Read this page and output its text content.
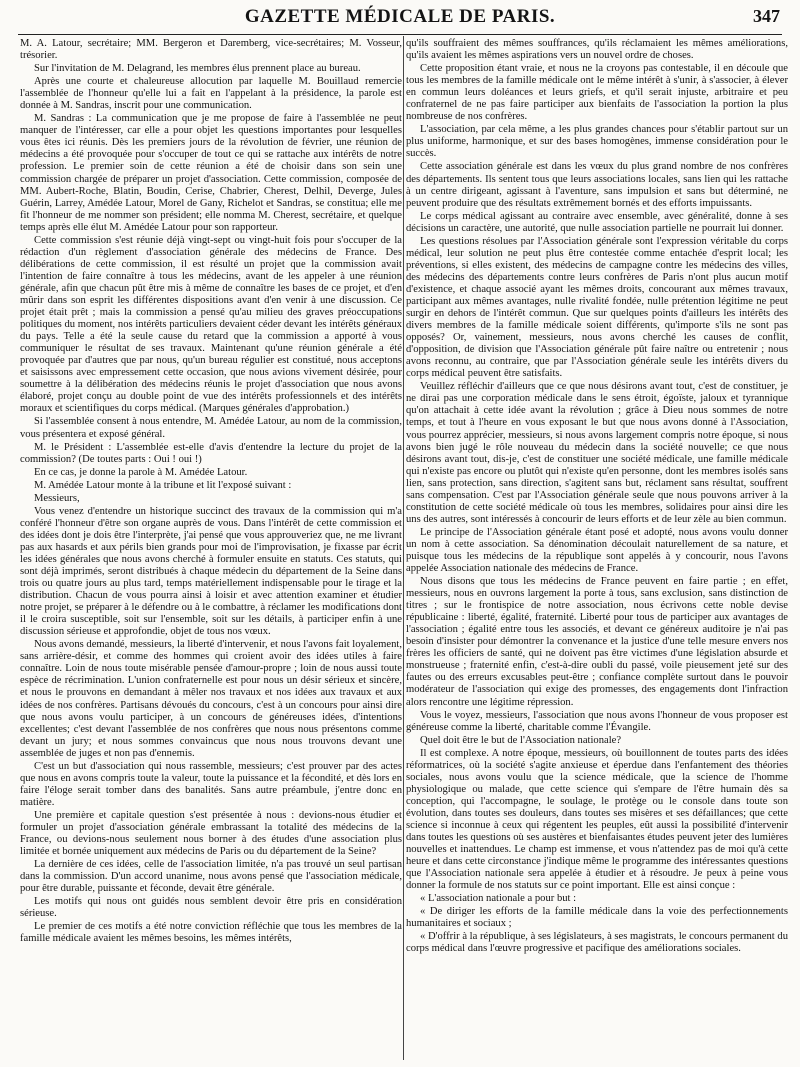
GAZETTE MÉDICALE DE PARIS.	347

M. A. Latour, secrétaire; MM. Bergeron et Daremberg, vice-secrétaires; M. Vosseur, trésorier.

Sur l'invitation de M. Delagrand, les membres élus prennent place au bureau.

Après une courte et chaleureuse allocution par laquelle M. Bouillaud remercie l'assemblée de l'honneur qu'elle lui a fait en l'appelant à la présidence, la parole est donnée à M. Sandras, inscrit pour une communication.

M. Sandras : La communication que je me propose de faire à l'assemblée ne peut manquer de l'intéresser, car elle a pour objet les questions importantes pour lesquelles vous êtes ici réunis. Dès les premiers jours de la révolution de février, une réunion de médecins a été provoquée pour s'occuper de tout ce qui se rattache aux intérêts de notre profession. Le premier soin de cette réunion a été de choisir dans son sein une commission chargée de préparer un projet d'association. Cette commission, composée de MM. Aubert-Roche, Blatin, Boudin, Cerise, Chabrier, Cherest, Delhil, Deverge, Jules Guérin, Larrey, Amédée Latour, Morel de Gany, Richelot et Sandras, se constitua; elle me fit l'honneur de me nommer son président; elle nomma M. Cherest, secrétaire, et quelque temps après elle élut M. Amédée Latour pour son rapporteur.

Cette commission s'est réunie déjà vingt-sept ou vingt-huit fois pour s'occuper de la rédaction d'un règlement d'association générale des médecins de France. Des délibérations de cette commission, il est résulté un projet que la commission avait l'intention de faire connaître à tous les médecins, avant de les appeler à une réunion générale, afin que chacun pût être mis à même de connaître les bases de ce projet, et d'en mûrir dans son esprit les différentes dispositions avant d'en venir à une discussion. Ce projet était prêt ; mais la commission a pensé qu'au milieu des graves préoccupations politiques du moment, nos intérêts particuliers devaient céder devant les intérêts généraux du pays. Telle a été la seule cause du retard que la commission a apporté à vous communiquer le résultat de ses travaux. Maintenant qu'une réunion générale a été provoquée par d'autres que par nous, qu'un bureau régulier est constitué, nous acceptons et saisissons avec empressement cette occasion, que nous avions vivement désirée, pour soumettre à la délibération des médecins réunis le projet d'association que nous avons élaboré, projet conçu au double point de vue des intérêts professionnels et des intérêts moraux et scientifiques du corps médical. (Marques générales d'approbation.)

Si l'assemblée consent à nous entendre, M. Amédée Latour, au nom de la commission, vous présentera et exposé général.

M. le Président : L'assemblée est-elle d'avis d'entendre la lecture du projet de la commission? (De toutes parts : Oui ! oui !)

En ce cas, je donne la parole à M. Amédée Latour.

M. Amédée Latour monte à la tribune et lit l'exposé suivant :

Messieurs,

Vous venez d'entendre un historique succinct des travaux de la commission qui m'a conféré l'honneur d'être son organe auprès de vous. Dans l'intérêt de cette commission et des idées dont je dois être l'interprète, j'ai pensé que vous approuveriez que, ne me livrant pas aux hasards et aux périls bien grands pour moi de l'improvisation, je fixasse par écrit les idées générales que nous avons cherché à formuler ensuite en statuts. Ces statuts, qui sont déjà imprimés, seront distribués à chaque médecin du département de la Seine dans trois ou quatre jours au plus tard, temps matériellement indispensable pour le tirage et la distribution. Chacun de vous pourra ainsi à loisir et avec attention examiner et étudier notre projet, se préparer à le défendre ou à le combattre, à réclamer les modifications dont il le croira susceptible, soit sur l'ensemble, soit sur les détails, à participer enfin à une discussion sérieuse et approfondie, objet de tous nos vœux.

Nous avons demandé, messieurs, la liberté d'intervenir, et nous l'avons fait loyalement, sans arrière-désir, et comme des hommes qui croient avoir des idées utiles à faire connaître. Loin de nous toute misérable pensée d'amour-propre ; loin de nous aussi toute espèce de récrimination. L'union confraternelle est pour nous un désir sérieux et sincère, et nous le prouvons en demandant à mêler nos travaux et nos idées aux travaux et aux idées de nos confrères. Partisans dévoués du concours, c'est à un concours pour ainsi dire que nous avons voulu participer, à un concours de généreuses idées, d'intentions excellentes; c'est devant l'assemblée de nos confrères que nous nous présentons comme devant un jury; et nous sommes convaincus que nous nous trouvons devant une assemblée de juges et non pas d'ennemis.

C'est un but d'association qui nous rassemble, messieurs; c'est prouver par des actes que nous en avons compris toute la valeur, toute la puissance et la fécondité, et dès lors en faire l'éloge serait tomber dans des banalités. Sans autre préambule, j'entre donc en matière.

Une première et capitale question s'est présentée à nous : devions-nous étudier et formuler un projet d'association générale embrassant la totalité des médecins de la France, ou devions-nous seulement nous borner à des études d'une association plus limitée et bornée uniquement aux médecins de Paris ou du département de la Seine?

La dernière de ces idées, celle de l'association limitée, n'a pas trouvé un seul partisan dans la commission. D'un accord unanime, nous avons pensé que l'association médicale, pour être durable, puissante et féconde, devait être générale.

Les motifs qui nous ont guidés nous semblent devoir être pris en considération sérieuse.

Le premier de ces motifs a été notre conviction réfléchie que tous les membres de la famille médicale avaient les mêmes besoins, les mêmes intérêts,

qu'ils souffraient des mêmes souffrances, qu'ils réclamaient les mêmes améliorations, qu'ils avaient les mêmes aspirations vers un nouvel ordre de choses.

Cette proposition étant vraie, et nous ne la croyons pas contestable, il en découle que tous les membres de la famille médicale ont le même intérêt à s'unir, à s'associer, à élever en commun leurs doléances et leurs griefs, et qu'il serait injuste, arbitraire et peu confraternel de ne pas faire participer aux bienfaits de l'association la portion la plus nombreuse de nos confrères.

L'association, par cela même, a les plus grandes chances pour s'établir partout sur un plus uniforme, harmonique, et sur des bases homogènes, immense considération pour le succès.

Cette association générale est dans les vœux du plus grand nombre de nos confrères des départements. Ils sentent tous que leurs associations locales, sans lien qui les rattache à un centre dirigeant, agissant à l'aventure, sans impulsion et sans but déterminé, ne peuvent produire que des résultats extrêmement bornés et des efforts impuissants.

Le corps médical agissant au contraire avec ensemble, avec généralité, donne à ses décisions un caractère, une autorité, que nulle association partielle ne pourrait lui donner.

Les questions résolues par l'Association générale sont l'expression véritable du corps médical, leur solution ne peut plus être contestée comme entachée d'esprit local; les préventions, si elles existent, des médecins de campagne contre les médecins des villes, des médecins des départements contre leurs confrères de Paris n'ont plus aucun motif d'existence, et chaque associé ayant les mêmes droits, concourant aux mêmes travaux, participant aux mêmes avantages, nulle rivalité fondée, nulle prétention légitime ne peut surgir en dehors de l'intérêt commun. Que sur quelques points d'ailleurs les intérêts des divers membres de la famille médicale soient différents, qu'importe s'ils ne sont pas opposés? Or, vainement, messieurs, nous avons cherché les causes de conflit, d'opposition, de division que l'Association générale pût faire naître ou entretenir ; nous avons reconnu, au contraire, que par l'Association générale seule les intérêts divers du corps médical peuvent être satisfaits.

Veuillez réfléchir d'ailleurs que ce que nous désirons avant tout, c'est de constituer, je ne dirai pas une corporation médicale dans le sens étroit, égoïste, jaloux et tyrannique qu'on attachait à cette idée avant la révolution ; grâce à Dieu nous sommes de notre temps, et tout à l'heure en vous exposant le but que nous avons donné à l'Association, vous pourrez apprécier, messieurs, si nous avons largement compris notre époque, si nous avons bien jugé le rôle nouveau du médecin dans la société nouvelle; ce que nous désirons avant tout, dis-je, c'est de constituer une société médicale, une famille médicale qui n'existe pas encore ou plutôt qui n'existe qu'en personne, dont les membres isolés sans lien, sans protection, sans direction, s'agitent sans but, réclament sans résultat, souffrent sans compensation. C'est par l'Association générale seule que nous pouvons arriver à la constitution de cette société médicale où tous les membres, solidaires pour ainsi dire les uns des autres, sont intéressés à concourir de leurs efforts et de leur zèle au bien commun.

Le principe de l'Association générale étant posé et adopté, nous avons voulu donner un nom à cette association. Sa dénomination découlait naturellement de sa nature, et puisque tous les médecins de la république sont appelés à y concourir, nous l'avons appelée Association nationale des médecins de France.

Nous disons que tous les médecins de France peuvent en faire partie ; en effet, messieurs, nous en ouvrons largement la porte à tous, sans exclusion, sans distinction de titres ; sur le frontispice de notre association, nous écrivons cette noble devise républicaine : liberté, égalité, fraternité. Liberté pour tous de participer aux avantages de l'association ; égalité entre tous les associés, et devant ce généreux auditoire je n'ai pas besoin d'insister pour démontrer la convenance et la justice d'une telle mesure envers nos frères les officiers de santé, qui ne doivent pas être victimes d'une législation absurde et monstrueuse ; fraternité enfin, c'est-à-dire oubli du passé, voile pieusement jeté sur des fautes ou des erreurs excusables peut-être ; confiance complète surtout dans le pouvoir modérateur de l'association qui exige des promesses, des engagements dont l'infraction alors rencontre une légitime répression.

Vous le voyez, messieurs, l'association que nous avons l'honneur de vous proposer est généreuse comme la liberté, charitable comme l'Évangile.

Quel doit être le but de l'Association nationale?

Il est complexe. A notre époque, messieurs, où bouillonnent de toutes parts des idées réformatrices, où la société s'agite anxieuse et éperdue dans l'enfantement des théories sociales, nous avons voulu que la science médicale, que la science de l'homme physiologique ou malade, que cette science qui s'empare de l'être humain dès sa conception, qui l'accompagne, le soulage, le protège ou le console dans toute son évolution, dans toutes ses douleurs, dans toutes ses misères et ses défaillances; que cette science si inconnue à ceux qui régentent les peuples, eût aussi la possibilité d'intervenir dans toutes les questions où ses austères et bienfaisantes études peuvent jeter des lumières nouvelles et inattendues. Le champ est immense, et vous n'attendez pas de moi qu'à cette heure et dans cette circonstance j'indique même le programme des intéressantes questions que l'Association nationale sera appelée à étudier et à résoudre. Je peux à peine vous donner la formule de nos statuts sur ce point important. Elle est ainsi conçue :

« L'association nationale a pour but :

« De diriger les efforts de la famille médicale dans la voie des perfectionnements humanitaires et sociaux ;

« D'offrir à la république, à ses législateurs, à ses magistrats, le concours permanent du corps médical dans l'œuvre progressive et pacifique des améliorations sociales.
